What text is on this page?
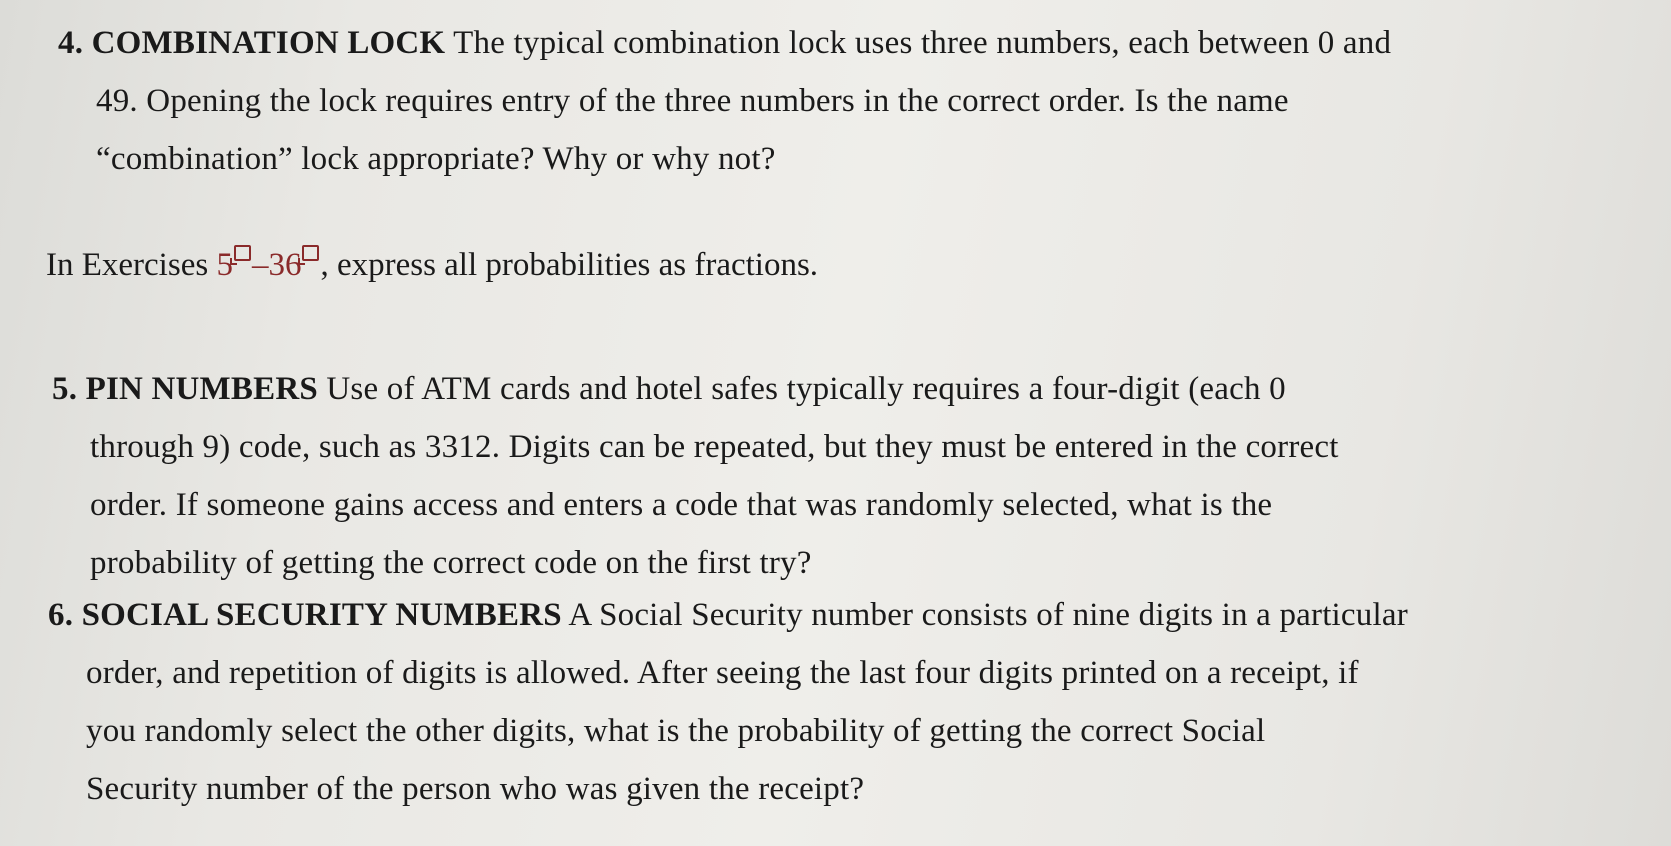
4. COMBINATION LOCK The typical combination lock uses three numbers, each between 0 and
49. Opening the lock requires entry of the three numbers in the correct order. Is the name
“combination” lock appropriate? Why or why not?
In Exercises 5 –36 , express all probabilities as fractions.
5. PIN NUMBERS Use of ATM cards and hotel safes typically requires a four-digit (each 0
through 9) code, such as 3312. Digits can be repeated, but they must be entered in the correct
order. If someone gains access and enters a code that was randomly selected, what is the
probability of getting the correct code on the first try?
6. SOCIAL SECURITY NUMBERS A Social Security number consists of nine digits in a particular
order, and repetition of digits is allowed. After seeing the last four digits printed on a receipt, if
you randomly select the other digits, what is the probability of getting the correct Social
Security number of the person who was given the receipt?
